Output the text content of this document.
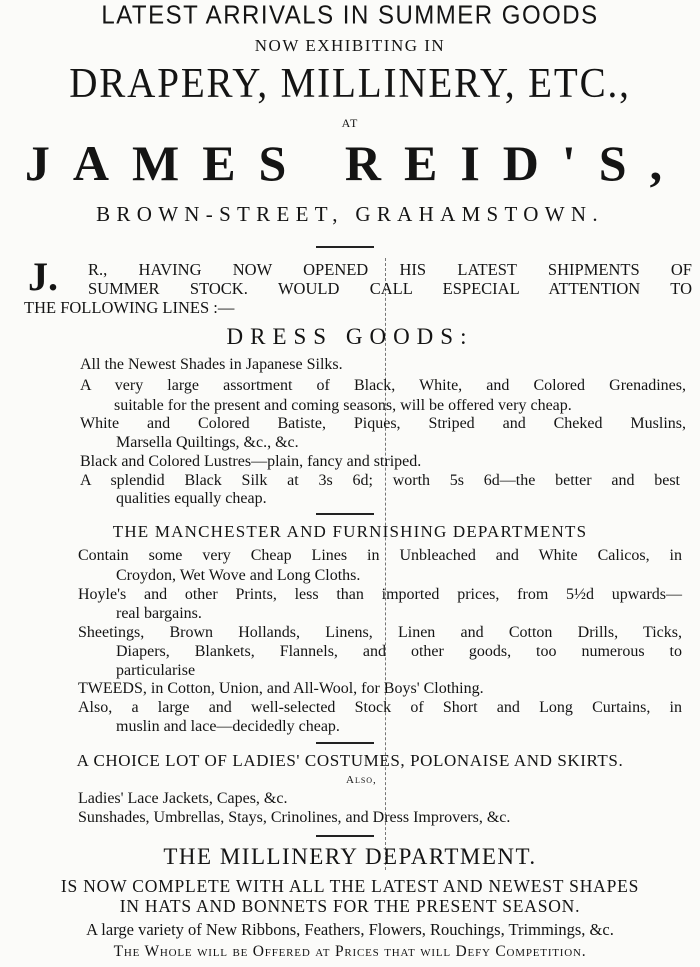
LATEST ARRIVALS IN SUMMER GOODS
NOW EXHIBITING IN
DRAPERY, MILLINERY, ETC.,
AT
JAMES REID'S,
BROWN-STREET, GRAHAMSTOWN.
J. R., HAVING NOW OPENED HIS LATEST SHIPMENTS OF
SUMMER STOCK. WOULD CALL ESPECIAL ATTENTION TO
THE FOLLOWING LINES :—
DRESS GOODS:
All the Newest Shades in Japanese Silks.
A very large assortment of Black, White, and Colored Grenadines,
suitable for the present and coming seasons, will be offered very cheap.
White and Colored Batiste, Piques, Striped and Cheked Muslins,
Marsella Quiltings, &c., &c.
Black and Colored Lustres—plain, fancy and striped.
A splendid Black Silk at 3s 6d; worth 5s 6d—the better and best
qualities equally cheap.
THE MANCHESTER AND FURNISHING DEPARTMENTS
Contain some very Cheap Lines in Unbleached and White Calicos, in
Croydon, Wet Wove and Long Cloths.
Hoyle's and other Prints, less than imported prices, from 5½d upwards—
real bargains.
Sheetings, Brown Hollands, Linens, Linen and Cotton Drills, Ticks,
Diapers, Blankets, Flannels, and other goods, too numerous to
particularise
TWEEDS, in Cotton, Union, and All-Wool, for Boys' Clothing.
Also, a large and well-selected Stock of Short and Long Curtains, in
muslin and lace—decidedly cheap.
A CHOICE LOT OF LADIES' COSTUMES, POLONAISE AND SKIRTS.
Also,
Ladies' Lace Jackets, Capes, &c.
Sunshades, Umbrellas, Stays, Crinolines, and Dress Improvers, &c.
THE MILLINERY DEPARTMENT.
IS NOW COMPLETE WITH ALL THE LATEST AND NEWEST SHAPES
IN HATS AND BONNETS FOR THE PRESENT SEASON.
A large variety of New Ribbons, Feathers, Flowers, Rouchings, Trimmings, &c.
The Whole will be Offered at Prices that will Defy Competition.
